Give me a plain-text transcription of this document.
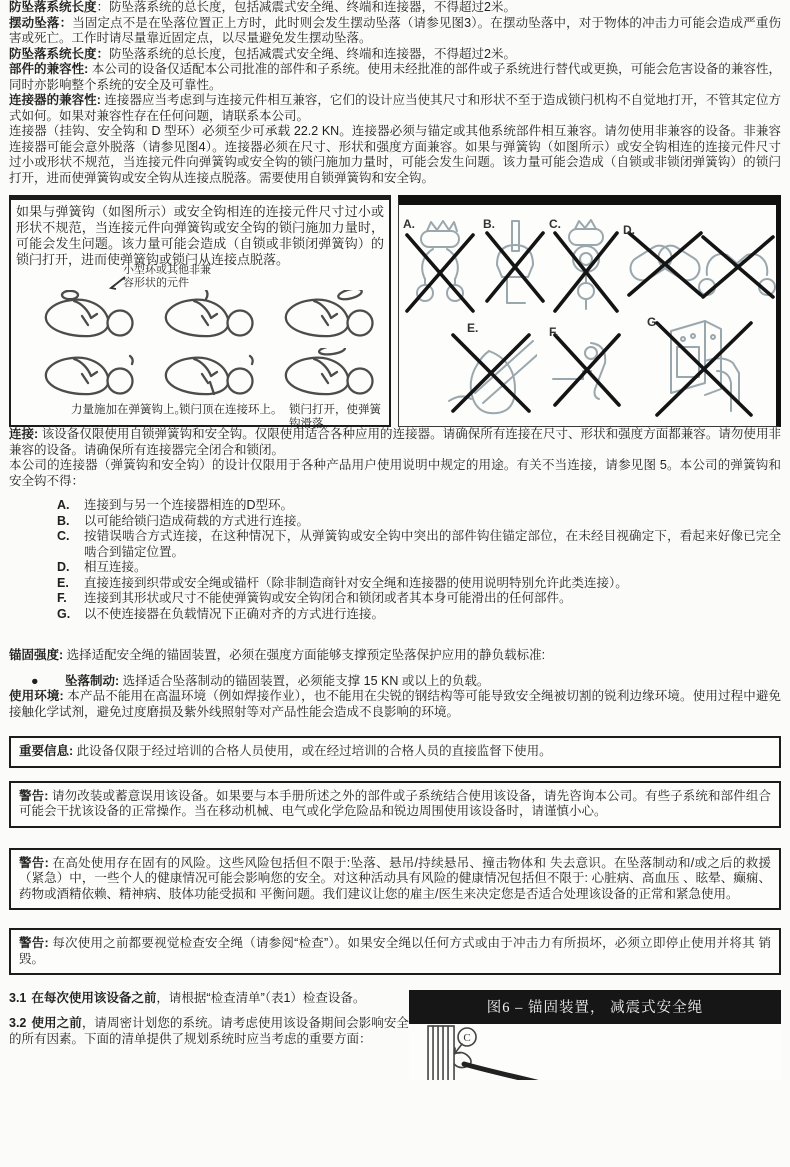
防坠落系统长度：防坠落系统的总长度，包括减震式安全绳、终端和连接器，不得超过2米。

摆动坠落：当固定点不是在坠落位置正上方时，此时则会发生摆动坠落（请参见图3）。在摆动坠落中，对于物体的冲击力可能会造成严重伤害或死亡。工作时请尽量靠近固定点，以尽量避免发生摆动坠落。

防坠落系统长度：防坠落系统的总长度，包括减震式安全绳、终端和连接器，不得超过2米。

部件的兼容性: 本公司的设备仅适配本公司批准的部件和子系统。使用未经批准的部件或子系统进行替代或更换，可能会危害设备的兼容性，同时亦影响整个系统的安全及可靠性。

连接器的兼容性: 连接器应当考虑到与连接元件相互兼容，它们的设计应当使其尺寸和形状不至于造成锁闩机构不自觉地打开，不管其定位方式如何。如果对兼容性存在任何问题，请联系本公司。

连接器（挂钩、安全钩和 D 型环）必须至少可承载 22.2 KN。连接器必须与锚定或其他系统部件相互兼容。请勿使用非兼容的设备。非兼容连接器可能会意外脱落（请参见图4）。连接器必须在尺寸、形状和强度方面兼容。如果与弹簧钩（如图所示）或安全钩相连的连接元件尺寸过小或形状不规范，当连接元件向弹簧钩或安全钩的锁闩施加力量时，可能会发生问题。该力量可能会造成（自锁或非锁闭弹簧钩）的锁闩打开，进而使弹簧钩或安全钩从连接点脱落。需要使用自锁弹簧钩和安全钩。

如果与弹簧钩（如图所示）或安全钩相连的连接元件尺寸过小或形状不规范，当连接元件向弹簧钩或安全钩的锁闩施加力量时，可能会发生问题。该力量可能会造成（自锁或非锁闭弹簧钩）的锁闩打开，进而使弹簧钩或锁闩从连接点脱落。

小型环或其他非兼容形状的元件
力量施加在弹簧钩上。
锁闩顶在连接环上。 锁闩打开，使弹簧钩滑落。
A.	B.	C.	D.
E.	F.
G.

连接: 该设备仅限使用自锁弹簧钩和安全钩。仅限使用适合各种应用的连接器。请确保所有连接在尺寸、形状和强度方面都兼容。请勿使用非兼容的设备。请确保所有连接器完全闭合和锁闭。

本公司的连接器（弹簧钩和安全钩）的设计仅限用于各种产品用户使用说明中规定的用途。有关不当连接，请参见图 5。本公司的弹簧钩和安全钩不得：

A.	连接到与另一个连接器相连的D型环。
B.	以可能给锁闩造成荷载的方式进行连接。
C.	按错误啮合方式连接，在这种情况下，从弹簧钩或安全钩中突出的部件钩住锚定部位，在未经目视确定下，看起来好像已完全啮合到锚定位置。
D.	相互连接。
E.	直接连接到织带或安全绳或锚杆（除非制造商针对安全绳和连接器的使用说明特别允许此类连接）。
F.	连接到其形状或尺寸不能使弹簧钩或安全钩闭合和锁闭或者其本身可能滑出的任何部件。
G.	以不使连接器在负载情况下正确对齐的方式进行连接。

锚固强度: 选择适配安全绳的锚固装置，必须在强度方面能够支撑预定坠落保护应用的静负载标准:

●	坠落制动: 选择适合坠落制动的锚固装置，必须能支撑 15 KN 或以上的负载。

使用环境: 本产品不能用在高温环境（例如焊接作业），也不能用在尖锐的钢结构等可能导致安全绳被切割的锐利边缘环境。使用过程中避免接触化学试剂，避免过度磨损及紫外线照射等对产品性能会造成不良影响的环境。

重要信息: 此设备仅限于经过培训的合格人员使用，或在经过培训的合格人员的直接监督下使用。
警告: 请勿改装或蓄意误用该设备。如果要与本手册所述之外的部件或子系统结合使用该设备，请先咨询本公司。有些子系统和部件组合可能会干扰该设备的正常操作。当在移动机械、电气或化学危险品和锐边周围使用该设备时，请谨慎小心。
警告: 在高处使用存在固有的风险。这些风险包括但不限于:坠落、悬吊/持续悬吊、撞击物体和 失去意识。在坠落制动和/或之后的救援（紧急）中，一些个人的健康情况可能会影响您的安全。对这种活动具有风险的健康情况包括但不限于: 心脏病、高血压 、眩晕、癫痫、药物或酒精依赖、精神病、肢体功能受损和 平衡问题。我们建议让您的雇主/医生来决定您是否适合处理该设备的正常和紧急使用。
警告: 每次使用之前都要视觉检查安全绳（请参阅“检查”）。如果安全绳以任何方式或由于冲击力有所损坏，必须立即停止使用并将其 销毁。

3.1 在每次使用该设备之前，请根据“检查清单”（表1）检查设备。

3.2 使用之前，请周密计划您的系统。请考虑使用该设备期间会影响安全的所有因素。下面的清单提供了规划系统时应当考虑的重要方面：

图6 – 锚固装置， 减震式安全绳
C
